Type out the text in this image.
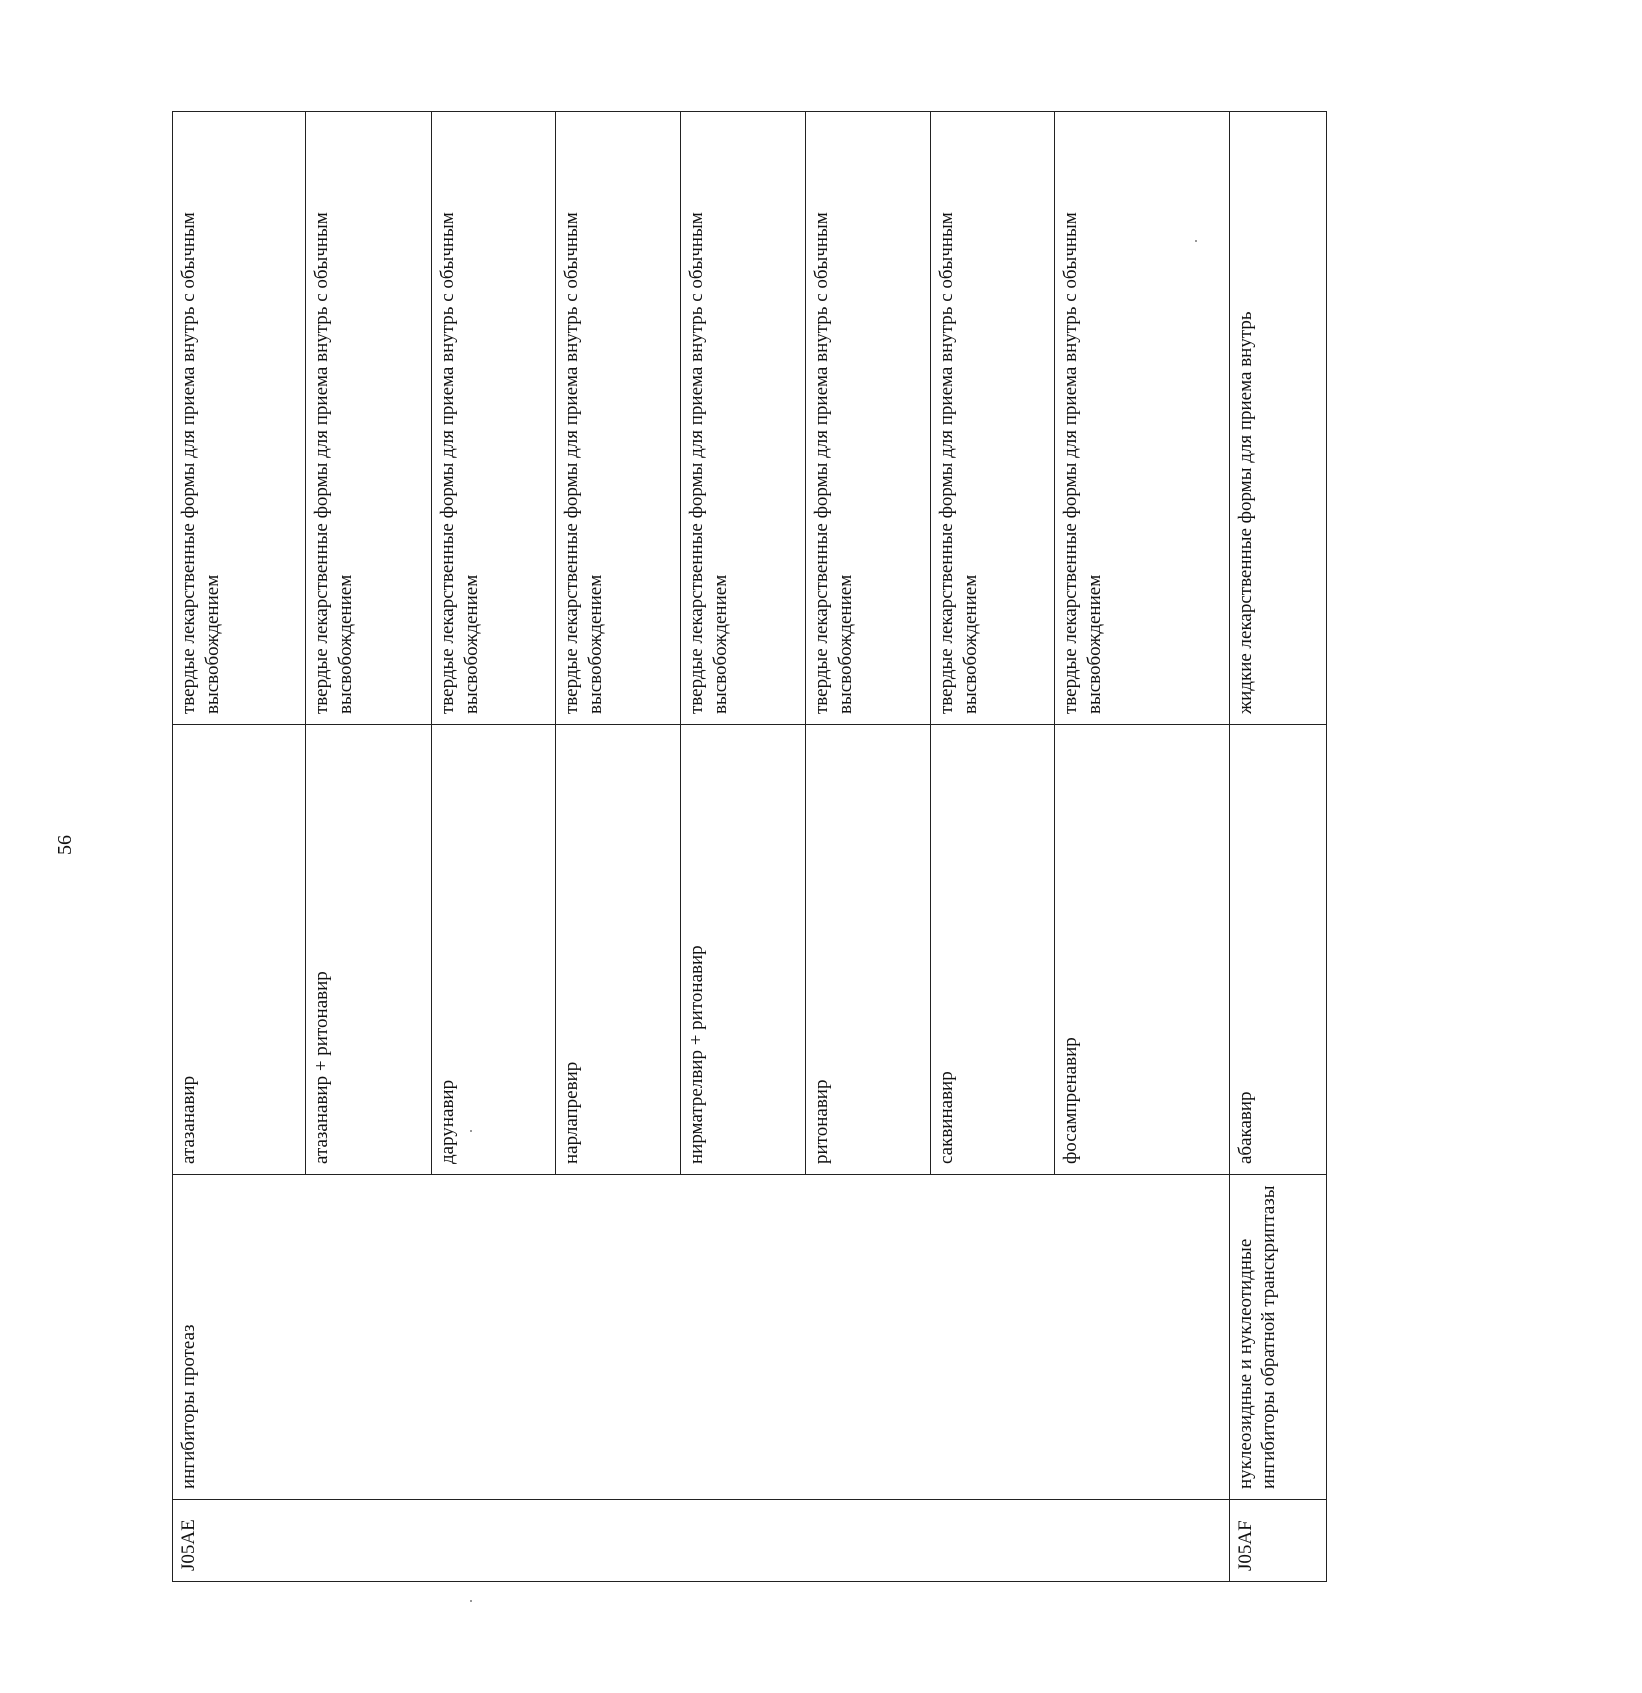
56
J05AE	ингибиторы протеаз	атазанавир	твердые лекарственные формы для приема внутрь с обычным высвобождением
		атазанавир + ритонавир	твердые лекарственные формы для приема внутрь с обычным высвобождением
		дарунавир	твердые лекарственные формы для приема внутрь с обычным высвобождением
		нарлапревир	твердые лекарственные формы для приема внутрь с обычным высвобождением
		нирматрелвир + ритонавир	твердые лекарственные формы для приема внутрь с обычным высвобождением
		ритонавир	твердые лекарственные формы для приема внутрь с обычным высвобождением
		саквинавир	твердые лекарственные формы для приема внутрь с обычным высвобождением
		фосампренавир	твердые лекарственные формы для приема внутрь с обычным высвобождением
J05AF	нуклеозидные и нуклеотидные ингибиторы обратной транскриптазы	абакавир	жидкие лекарственные формы для приема внутрь
